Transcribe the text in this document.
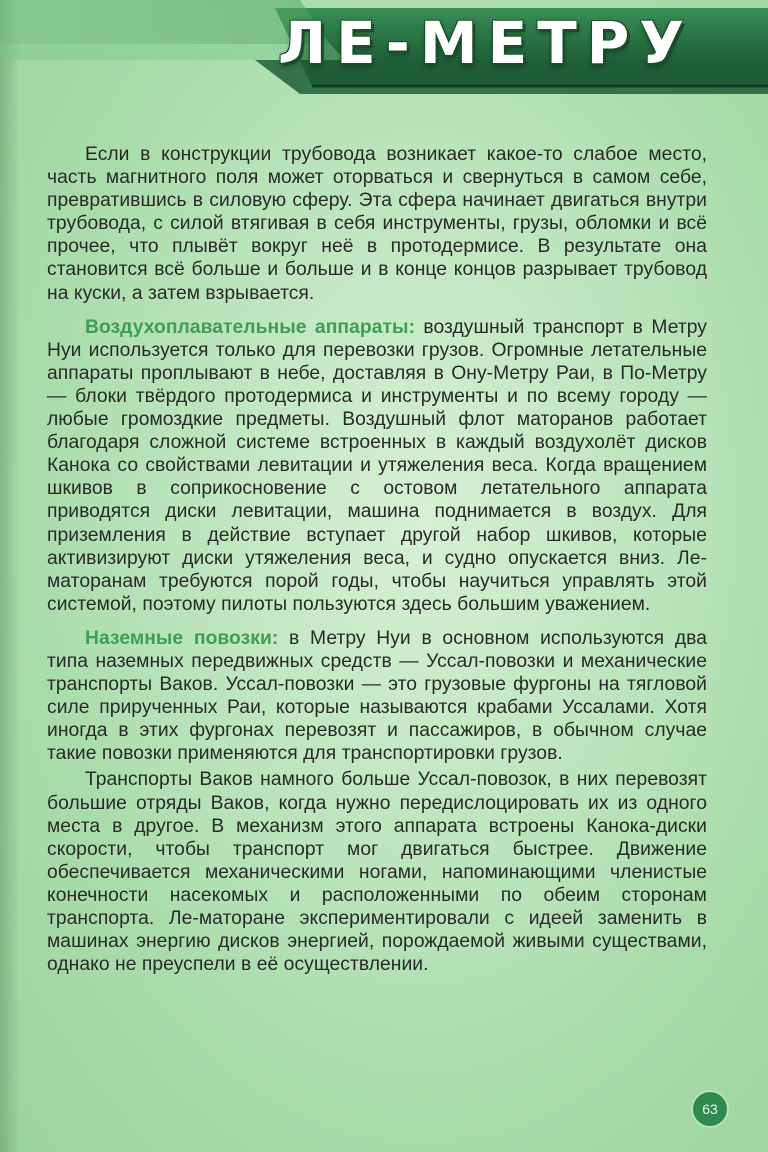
ЛЕ-МЕТРУ

Если в конструкции трубовода возникает какое-то слабое место, часть магнитного поля может оторваться и свернуться в самом себе, превратившись в силовую сферу. Эта сфера начинает двигаться внутри трубовода, с силой втягивая в себя инструменты, грузы, обломки и всё прочее, что плывёт вокруг неё в протодермисе. В результате она становится всё больше и больше и в конце концов разрывает трубовод на куски, а затем взрывается.

Воздухоплавательные аппараты: воздушный транспорт в Метру Нуи используется только для перевозки грузов. Огромные летательные аппараты проплывают в небе, доставляя в Ону-Метру Раи, в По-Метру — блоки твёрдого протодермиса и инструменты и по всему городу — любые громоздкие предметы. Воздушный флот маторанов работает благодаря сложной системе встроенных в каждый воздухолёт дисков Канока со свойствами левитации и утяжеления веса. Когда вращением шкивов в соприкосновение с остовом летательного аппарата приводятся диски левитации, машина поднимается в воздух. Для приземления в действие вступает другой набор шкивов, которые активизируют диски утяжеления веса, и судно опускается вниз. Ле-маторанам требуются порой годы, чтобы научиться управлять этой системой, поэтому пилоты пользуются здесь большим уважением.

Наземные повозки: в Метру Нуи в основном используются два типа наземных передвижных средств — Уссал-повозки и механические транспорты Ваков. Уссал-повозки — это грузовые фургоны на тягловой силе прирученных Раи, которые называются крабами Уссалами. Хотя иногда в этих фургонах перевозят и пассажиров, в обычном случае такие повозки применяются для транспортировки грузов.

Транспорты Ваков намного больше Уссал-повозок, в них перевозят большие отряды Ваков, когда нужно передислоцировать их из одного места в другое. В механизм этого аппарата встроены Канока-диски скорости, чтобы транспорт мог двигаться быстрее. Движение обеспечивается механическими ногами, напоминающими членистые конечности насекомых и расположенными по обеим сторонам транспорта. Ле-маторане экспериментировали с идеей заменить в машинах энергию дисков энергией, порождаемой живыми существами, однако не преуспели в её осуществлении.

63
